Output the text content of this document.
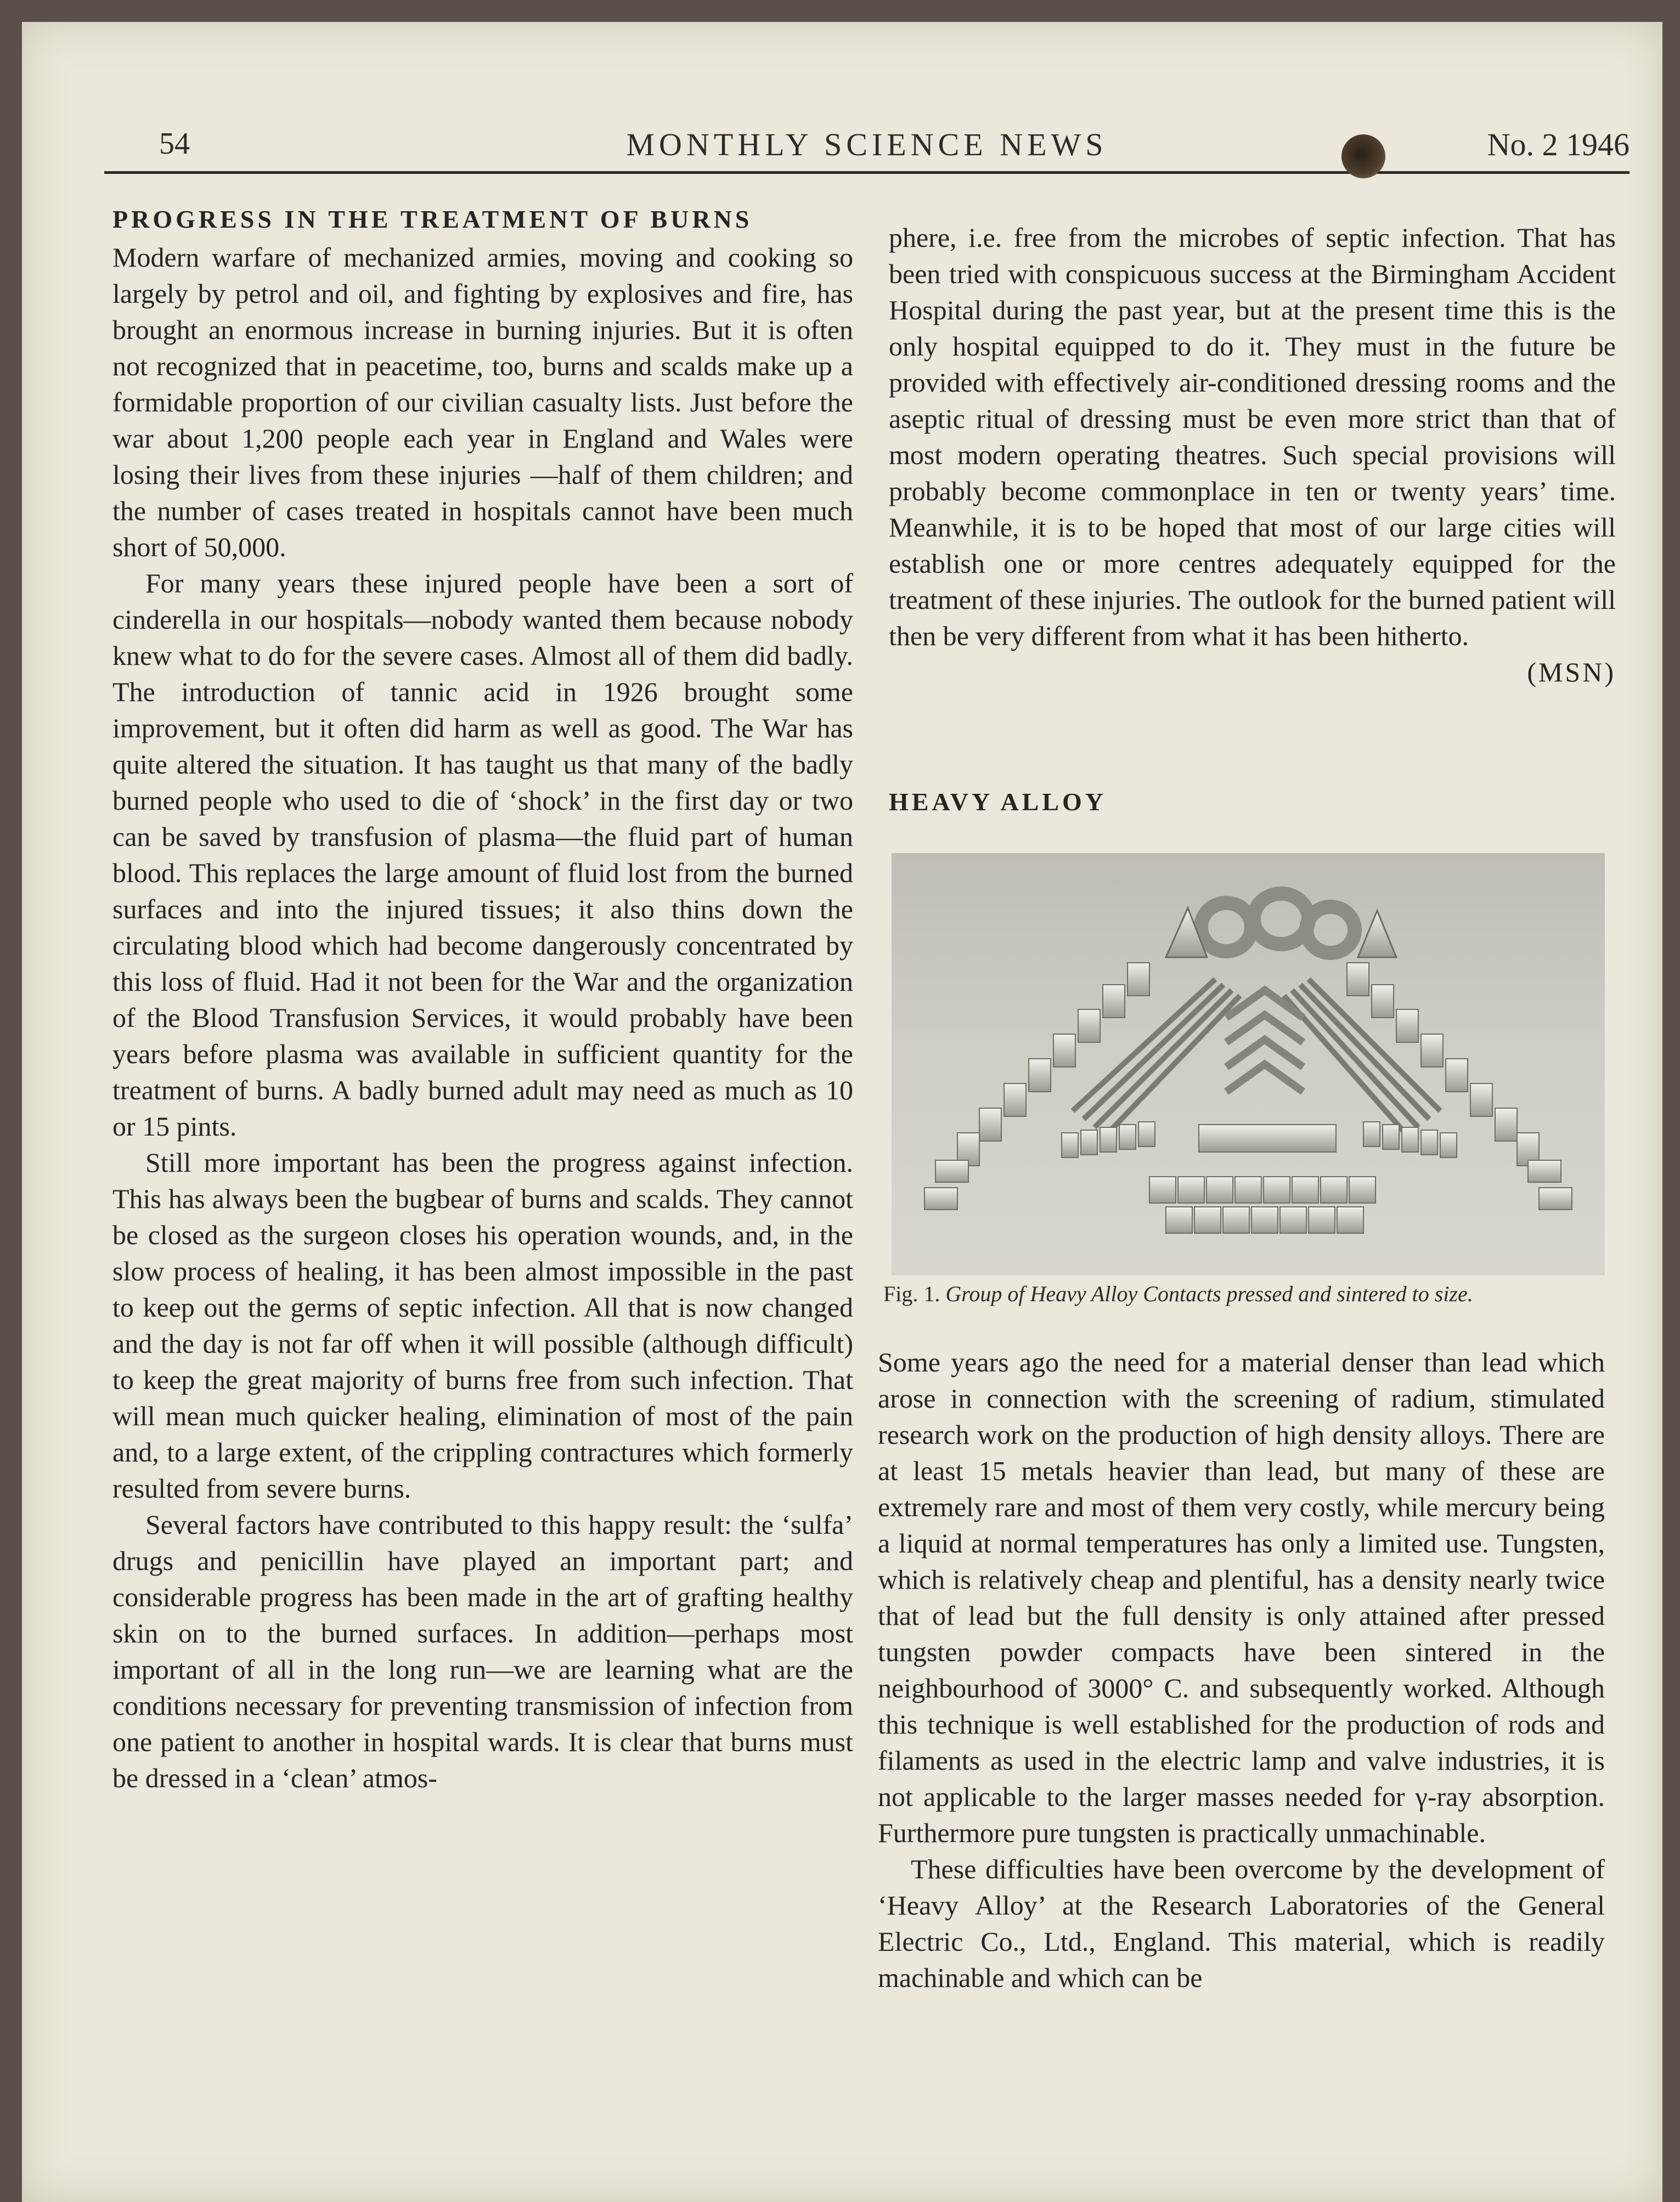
54	MONTHLY SCIENCE NEWS	No. 2 1946
PROGRESS IN THE TREATMENT OF BURNS

Modern warfare of mechanized armies, moving and cooking so largely by petrol and oil, and fighting by explosives and fire, has brought an enormous increase in burning injuries. But it is often not recognized that in peacetime, too, burns and scalds make up a formidable proportion of our civilian casualty lists. Just before the war about 1,200 people each year in England and Wales were losing their lives from these injuries —half of them children; and the number of cases treated in hospitals cannot have been much short of 50,000.

For many years these injured people have been a sort of cinderella in our hospitals—nobody wanted them because nobody knew what to do for the severe cases. Almost all of them did badly. The introduction of tannic acid in 1926 brought some improvement, but it often did harm as well as good. The War has quite altered the situation. It has taught us that many of the badly burned people who used to die of ‘shock’ in the first day or two can be saved by transfusion of plasma—the fluid part of human blood. This replaces the large amount of fluid lost from the burned surfaces and into the injured tissues; it also thins down the circulating blood which had become dangerously concentrated by this loss of fluid. Had it not been for the War and the organization of the Blood Transfusion Services, it would probably have been years before plasma was available in sufficient quantity for the treatment of burns. A badly burned adult may need as much as 10 or 15 pints.

Still more important has been the progress against infection. This has always been the bugbear of burns and scalds. They cannot be closed as the surgeon closes his operation wounds, and, in the slow process of healing, it has been almost impossible in the past to keep out the germs of septic infection. All that is now changed and the day is not far off when it will possible (although difficult) to keep the great majority of burns free from such infection. That will mean much quicker healing, elimination of most of the pain and, to a large extent, of the crippling contractures which formerly resulted from severe burns.

Several factors have contributed to this happy result: the ‘sulfa’ drugs and penicillin have played an important part; and considerable progress has been made in the art of grafting healthy skin on to the burned surfaces. In addition—perhaps most important of all in the long run—we are learning what are the conditions necessary for preventing transmission of infection from one patient to another in hospital wards. It is clear that burns must be dressed in a ‘clean’ atmos-

phere, i.e. free from the microbes of septic infection. That has been tried with conspicuous success at the Birmingham Accident Hospital during the past year, but at the present time this is the only hospital equipped to do it. They must in the future be provided with effectively air-conditioned dressing rooms and the aseptic ritual of dressing must be even more strict than that of most modern operating theatres. Such special provisions will probably become commonplace in ten or twenty years’ time. Meanwhile, it is to be hoped that most of our large cities will establish one or more centres adequately equipped for the treatment of these injuries. The outlook for the burned patient will then be very different from what it has been hitherto.

(MSN)

HEAVY ALLOY
Fig. 1. Group of Heavy Alloy Contacts pressed and sintered to size.

Some years ago the need for a material denser than lead which arose in connection with the screening of radium, stimulated research work on the production of high density alloys. There are at least 15 metals heavier than lead, but many of these are extremely rare and most of them very costly, while mercury being a liquid at normal temperatures has only a limited use. Tungsten, which is relatively cheap and plentiful, has a density nearly twice that of lead but the full density is only attained after pressed tungsten powder compacts have been sintered in the neighbourhood of 3000° C. and subsequently worked. Although this technique is well established for the production of rods and filaments as used in the electric lamp and valve industries, it is not applicable to the larger masses needed for γ-ray absorption. Furthermore pure tungsten is practically unmachinable.

These difficulties have been overcome by the development of ‘Heavy Alloy’ at the Research Laboratories of the General Electric Co., Ltd., England. This material, which is readily machinable and which can be
